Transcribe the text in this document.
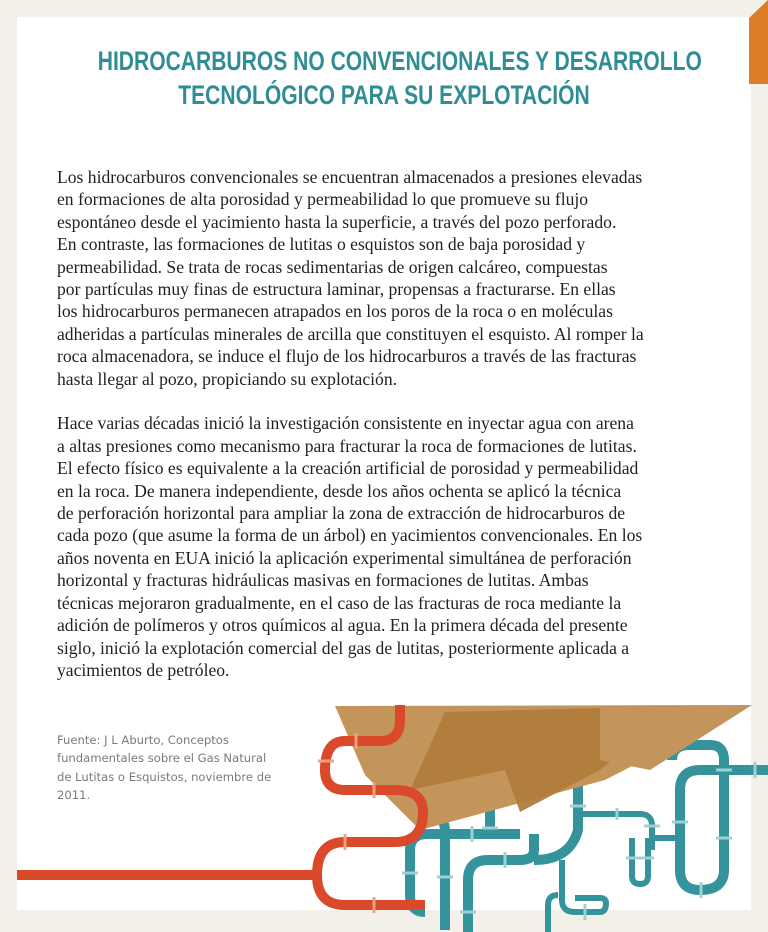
HIDROCARBUROS NO CONVENCIONALES Y DESARROLLO
TECNOLÓGICO PARA SU EXPLOTACIÓN

Los hidrocarburos convencionales se encuentran almacenados a presiones elevadas
en formaciones de alta porosidad y permeabilidad lo que promueve su flujo
espontáneo desde el yacimiento hasta la superficie, a través del pozo perforado.
En contraste, las formaciones de lutitas o esquistos son de baja porosidad y
permeabilidad. Se trata de rocas sedimentarias de origen calcáreo, compuestas
por partículas muy finas de estructura laminar, propensas a fracturarse. En ellas
los hidrocarburos permanecen atrapados en los poros de la roca o en moléculas
adheridas a partículas minerales de arcilla que constituyen el esquisto. Al romper la
roca almacenadora, se induce el flujo de los hidrocarburos a través de las fracturas
hasta llegar al pozo, propiciando su explotación.

Hace varias décadas inició la investigación consistente en inyectar agua con arena
a altas presiones como mecanismo para fracturar la roca de formaciones de lutitas.
El efecto físico es equivalente a la creación artificial de porosidad y permeabilidad
en la roca. De manera independiente, desde los años ochenta se aplicó la técnica
de perforación horizontal para ampliar la zona de extracción de hidrocarburos de
cada pozo (que asume la forma de un árbol) en yacimientos convencionales. En los
años noventa en EUA inició la aplicación experimental simultánea de perforación
horizontal y fracturas hidráulicas masivas en formaciones de lutitas. Ambas
técnicas mejoraron gradualmente, en el caso de las fracturas de roca mediante la
adición de polímeros y otros químicos al agua. En la primera década del presente
siglo, inició la explotación comercial del gas de lutitas, posteriormente aplicada a
yacimientos de petróleo.

Fuente: J L Aburto, Conceptos
fundamentales sobre el Gas Natural
de Lutitas o Esquistos, noviembre de
2011.
